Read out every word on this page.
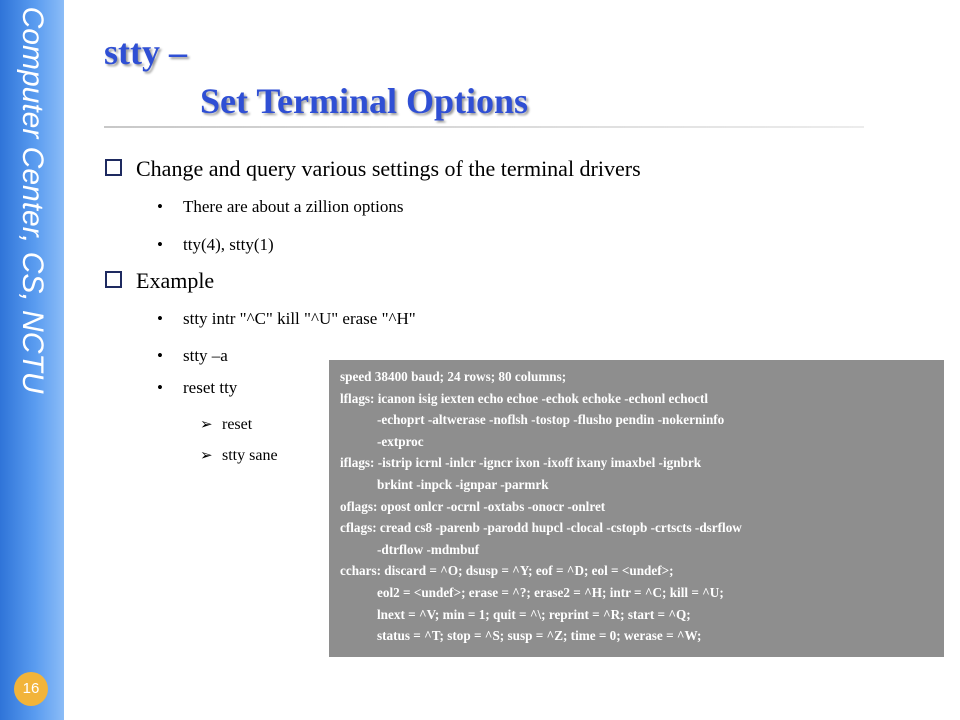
Computer Center, CS, NCTU
16
stty –
Set Terminal Options
Change and query various settings of the terminal drivers
• There are about a zillion options
• tty(4), stty(1)
Example
• stty intr "^C" kill "^U" erase "^H"
• stty –a
• reset tty
➢ reset
➢ stty sane
speed 38400 baud; 24 rows; 80 columns;
lflags: icanon isig iexten echo echoe -echok echoke -echonl echoctl
-echoprt -altwerase -noflsh -tostop -flusho pendin -nokerninfo
-extproc
iflags: -istrip icrnl -inlcr -igncr ixon -ixoff ixany imaxbel -ignbrk
brkint -inpck -ignpar -parmrk
oflags: opost onlcr -ocrnl -oxtabs -onocr -onlret
cflags: cread cs8 -parenb -parodd hupcl -clocal -cstopb -crtscts -dsrflow
-dtrflow -mdmbuf
cchars: discard = ^O; dsusp = ^Y; eof = ^D; eol = <undef>;
eol2 = <undef>; erase = ^?; erase2 = ^H; intr = ^C; kill = ^U;
lnext = ^V; min = 1; quit = ^\; reprint = ^R; start = ^Q;
status = ^T; stop = ^S; susp = ^Z; time = 0; werase = ^W;
